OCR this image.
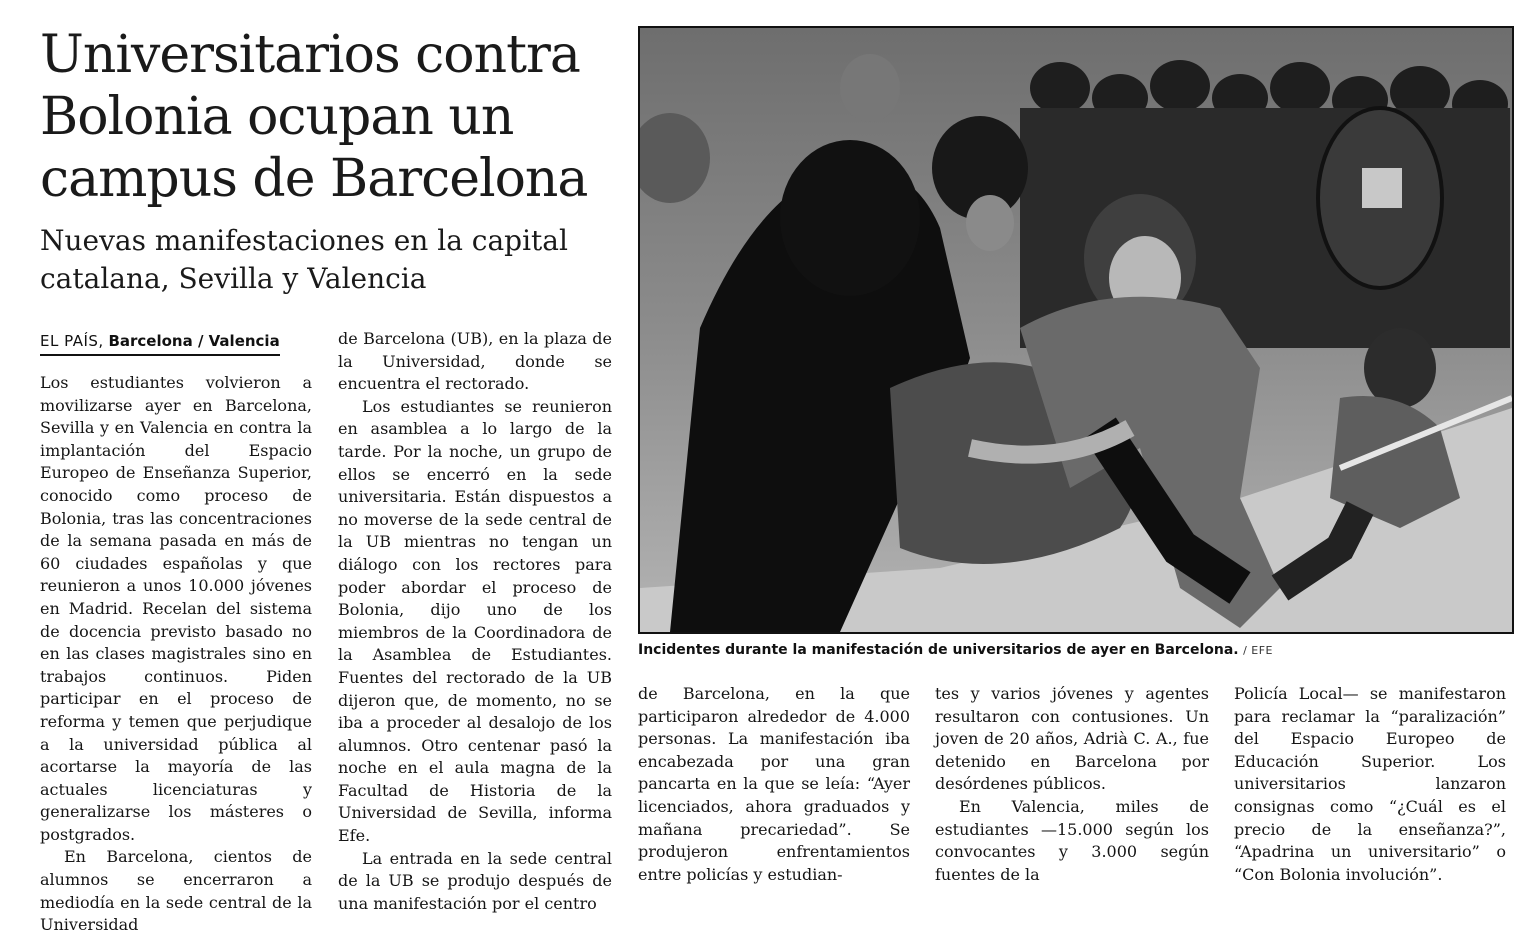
Universitarios contra Bolonia ocupan un campus de Barcelona
Nuevas manifestaciones en la capital catalana, Sevilla y Valencia
EL PAÍS, Barcelona / Valencia

Los estudiantes volvieron a movilizarse ayer en Barcelona, Sevilla y en Valencia en contra la implantación del Espacio Europeo de Enseñanza Superior, conocido como proceso de Bolonia, tras las concentraciones de la semana pasada en más de 60 ciudades españolas y que reunieron a unos 10.000 jóvenes en Madrid. Recelan del sistema de docencia previsto basado no en las clases magistrales sino en trabajos continuos. Piden participar en el proceso de reforma y temen que perjudique a la universidad pública al acortarse la mayoría de las actuales licenciaturas y generalizarse los másteres o postgrados.

En Barcelona, cientos de alumnos se encerraron a mediodía en la sede central de la Universidad

de Barcelona (UB), en la plaza de la Universidad, donde se encuentra el rectorado.

Los estudiantes se reunieron en asamblea a lo largo de la tarde. Por la noche, un grupo de ellos se encerró en la sede universitaria. Están dispuestos a no moverse de la sede central de la UB mientras no tengan un diálogo con los rectores para poder abordar el proceso de Bolonia, dijo uno de los miembros de la Coordinadora de la Asamblea de Estudiantes. Fuentes del rectorado de la UB dijeron que, de momento, no se iba a proceder al desalojo de los alumnos. Otro centenar pasó la noche en el aula magna de la Facultad de Historia de la Universidad de Sevilla, informa Efe.

La entrada en la sede central de la UB se produjo después de una manifestación por el centro

Incidentes durante la manifestación de universitarios de ayer en Barcelona. / EFE

de Barcelona, en la que participaron alrededor de 4.000 personas. La manifestación iba encabezada por una gran pancarta en la que se leía: “Ayer licenciados, ahora graduados y mañana precariedad”. Se produjeron enfrentamientos entre policías y estudian-

tes y varios jóvenes y agentes resultaron con contusiones. Un joven de 20 años, Adrià C. A., fue detenido en Barcelona por desórdenes públicos.

En Valencia, miles de estudiantes —15.000 según los convocantes y 3.000 según fuentes de la

Policía Local— se manifestaron para reclamar la “paralización” del Espacio Europeo de Educación Superior. Los universitarios lanzaron consignas como “¿Cuál es el precio de la enseñanza?”, “Apadrina un universitario” o “Con Bolonia involución”.
